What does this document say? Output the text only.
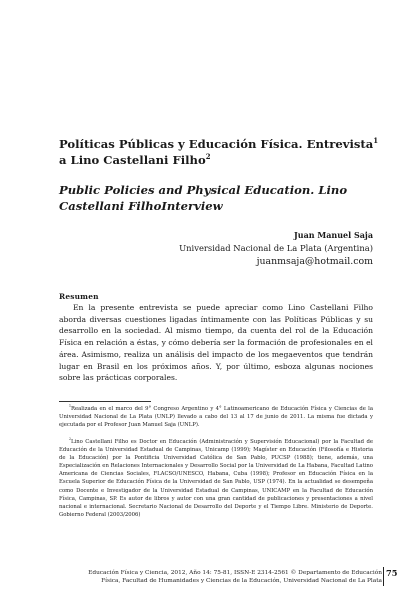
Políticas Públicas y Educación Física. Entrevista$^1$ a Lino Castellani Filho$^2$
Public Policies and Physical Education. Lino Castellani FilhoInterview
Juan Manuel Saja
Universidad Nacional de La Plata (Argentina)
juanmsaja@hotmail.com
Resumen

En la presente entrevista se puede apreciar como Lino Castellani Filho aborda diversas cuestiones ligadas íntimamente con las Políticas Públicas y su desarrollo en la sociedad. Al mismo tiempo, da cuenta del rol de la Educación Física en relación a éstas, y cómo debería ser la formación de profesionales en el área. Asimismo, realiza un análisis del impacto de los megaeventos que tendrán lugar en Brasil en los próximos años. Y, por último, esboza algunas nociones sobre las prácticas corporales.

$^1$Realizada en el marco del 9° Congreso Argentino y 4° Latinoamericano de Educación Física y Ciencias de la Universidad Nacional de La Plata (UNLP) llevado a cabo del 13 al 17 de junio de 2011. La misma fue dictada y ejecutada por el Profesor Juan Manuel Saja (UNLP).

$^2$Lino Castellani Filho es Doctor en Educación (Administración y Supervisión Educacional) por la Facultad de Educación de la Universidad Estadual de Campinas, Unicamp (1999); Magíster en Educación (Filosofía e Historia de la Educación) por la Pontificia Universidad Católica de San Pablo, PUCSP (1988); tiene, además, una Especialización en Relaciones Internacionales y Desarrollo Social por la Universidad de La Habana, Facultad Latino Americana de Ciencias Sociales, FLACSO/UNESCO, Habana, Cuba (1998); Profesor en Educación Física en la Escuela Superior de Educación Física de la Universidad de San Pablo, USP (1974). En la actualidad se desempeña como Docente e Investigador de la Universidad Estadual de Campinas, UNICAMP en la Facultad de Educación Física, Campinas, SP. Es autor de libros y autor con una gran cantidad de publicaciones y presentaciones a nivel nacional e internacional. Secretario Nacional de Desarrollo del Deporte y el Tiempo Libre. Ministerio de Deporte. Gobierno Federal (2003/2006)

Educación Física y Ciencia, 2012, Año 14: 75-81, ISSN-E 2314-2561 © Departamento de Educación
Física, Facultad de Humanidades y Ciencias de la Educación, Universidad Nacional de La Plata
75
